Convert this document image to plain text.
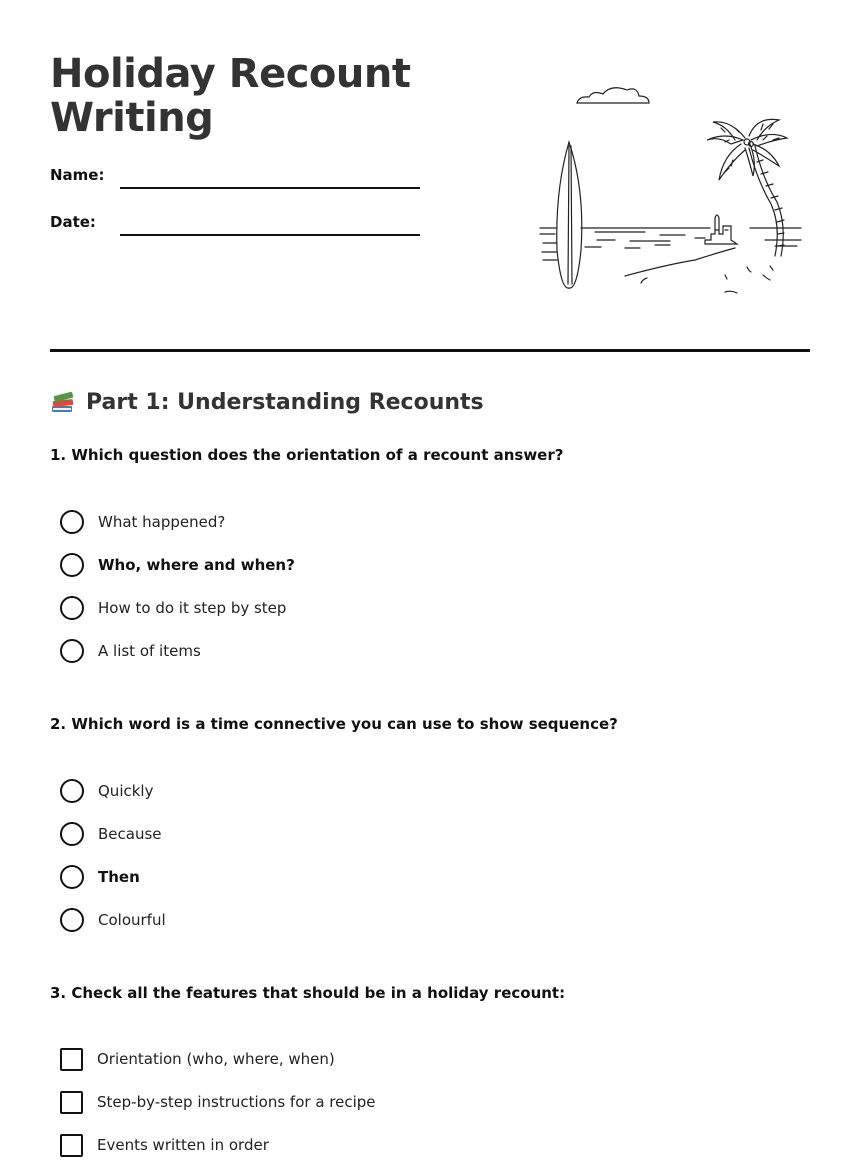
Holiday Recount
Writing
Name:
Date:
Part 1: Understanding Recounts
1. Which question does the orientation of a recount answer?
What happened?
Who, where and when?
How to do it step by step
A list of items
2. Which word is a time connective you can use to show sequence?
Quickly
Because
Then
Colourful
3. Check all the features that should be in a holiday recount:
Orientation (who, where, when)
Step-by-step instructions for a recipe
Events written in order
